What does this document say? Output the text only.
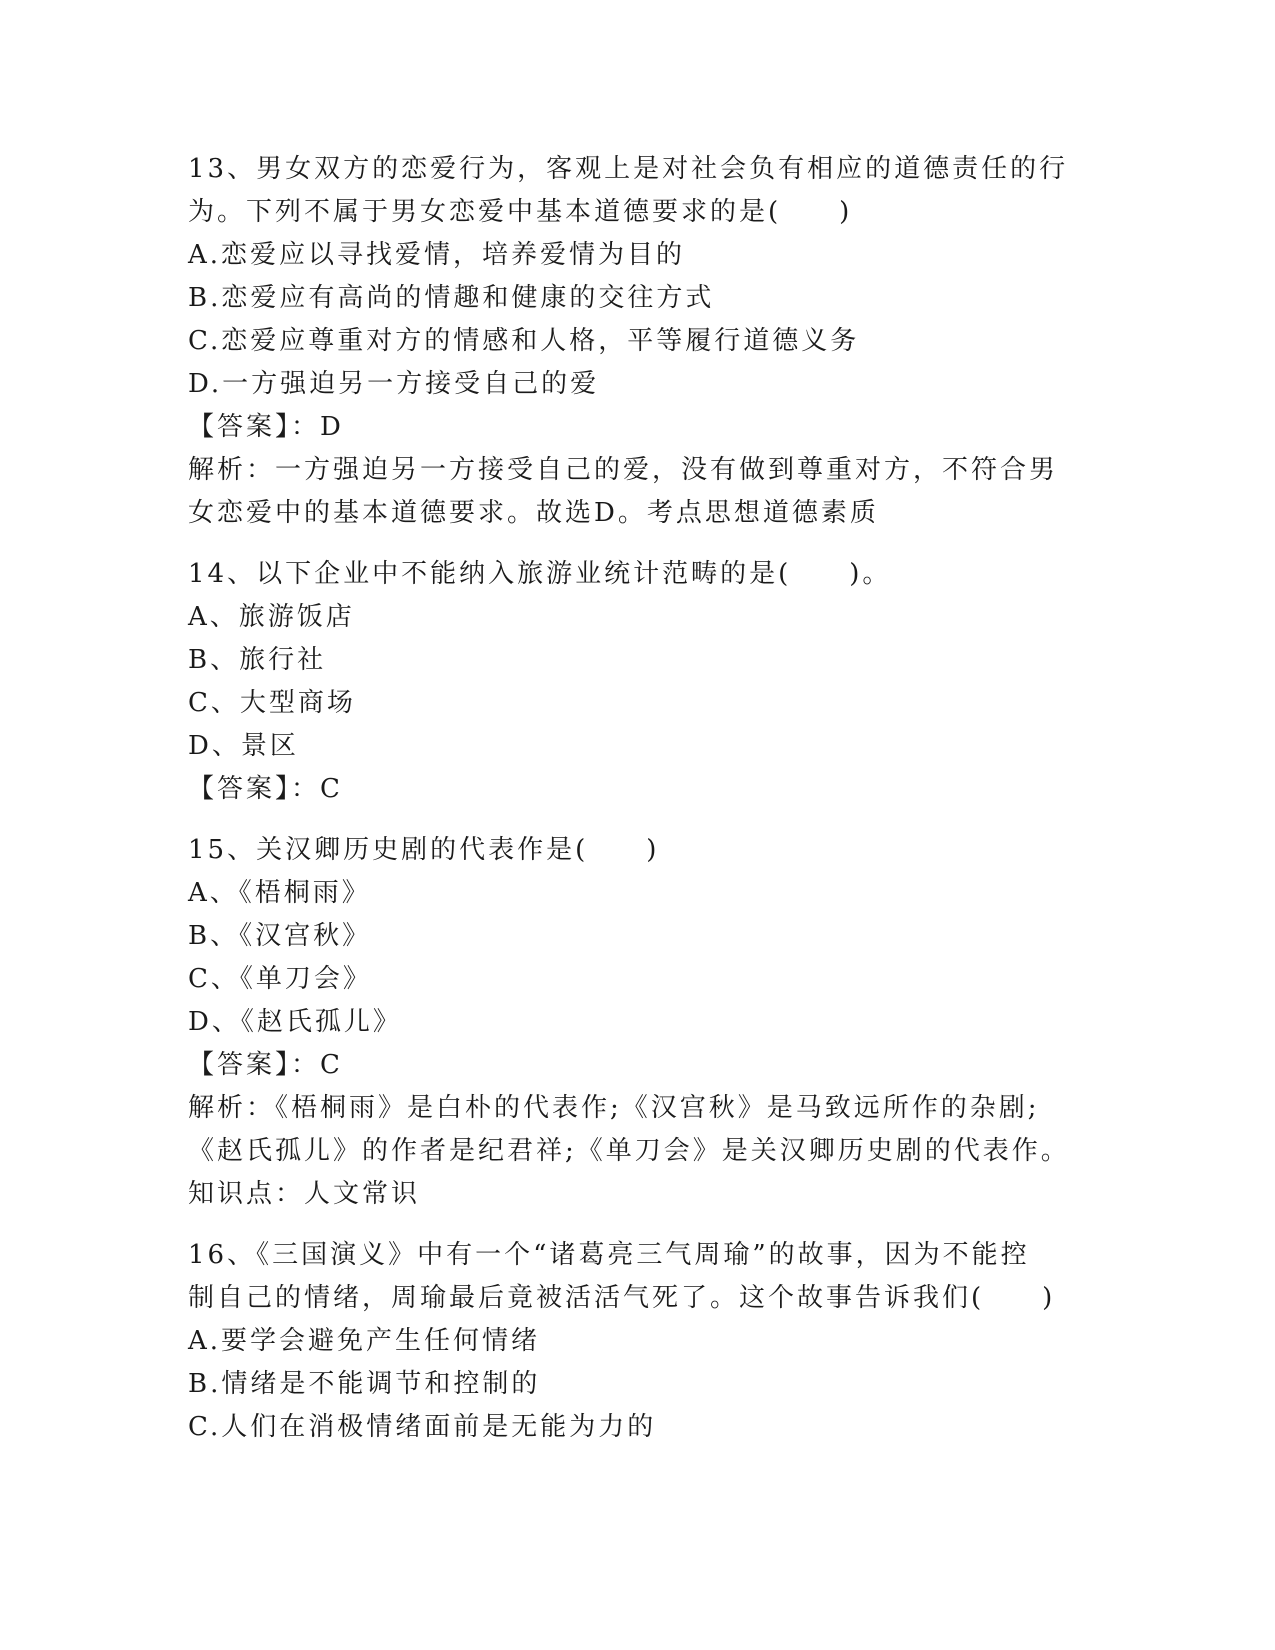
13、男女双方的恋爱行为，客观上是对社会负有相应的道德责任的行
为。下列不属于男女恋爱中基本道德要求的是(　　)
A.恋爱应以寻找爱情，培养爱情为目的
B.恋爱应有高尚的情趣和健康的交往方式
C.恋爱应尊重对方的情感和人格，平等履行道德义务
D.一方强迫另一方接受自己的爱
【答案】：D
解析：一方强迫另一方接受自己的爱，没有做到尊重对方，不符合男
女恋爱中的基本道德要求。故选D。考点思想道德素质
14、以下企业中不能纳入旅游业统计范畴的是(　　)。
A、旅游饭店
B、旅行社
C、大型商场
D、景区
【答案】：C
15、关汉卿历史剧的代表作是(　　)
A、《梧桐雨》
B、《汉宫秋》
C、《单刀会》
D、《赵氏孤儿》
【答案】：C
解析：《梧桐雨》是白朴的代表作;《汉宫秋》是马致远所作的杂剧;
《赵氏孤儿》的作者是纪君祥;《单刀会》是关汉卿历史剧的代表作。
知识点：人文常识
16、《三国演义》中有一个“诸葛亮三气周瑜”的故事，因为不能控
制自己的情绪，周瑜最后竟被活活气死了。这个故事告诉我们(　　)
A.要学会避免产生任何情绪
B.情绪是不能调节和控制的
C.人们在消极情绪面前是无能为力的
